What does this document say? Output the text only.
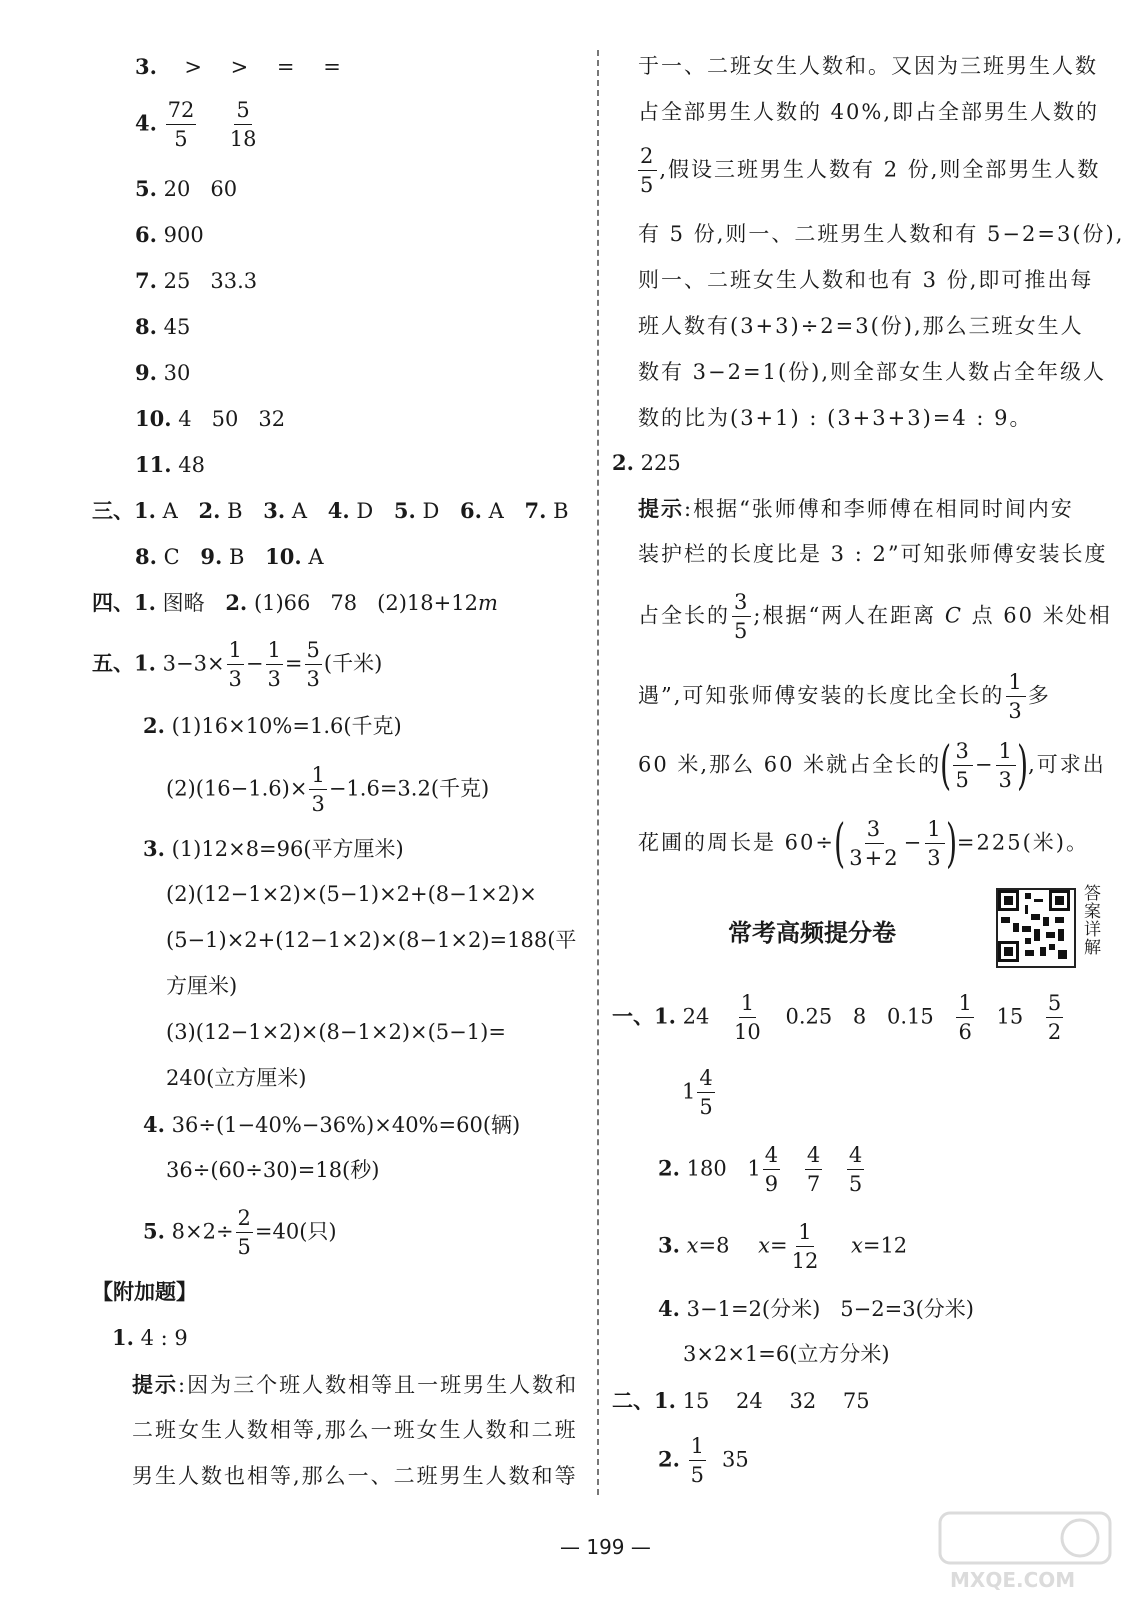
3. > > = =
4. $\frac{72}{5}$
$\frac{5}{18}$
5. 20   60
6. 900
7. 25   33.3
8. 45
9. 30
10. 4   50   32
11. 48
三、1. A 2. B 3. A 4. D 5. D 6. A 7. B
8. C 9. B 10. A
四、1. 图略 2. (1)66   78   (2)18+12m
五、1. $3-3\times \frac{1}{3} - \frac{1}{3} = \frac{5}{3}$ (千米)
2. (1)16×10%=1.6(千克)
$(2)(16-1.6)\times \frac{1}{3} -1.6=3.2$(千克)
3. (1)12×8=96(平方厘米)
(2)(12−1×2)×(5−1)×2+(8−1×2)×
(5−1)×2+(12−1×2)×(8−1×2)=188(平
方厘米)
(3)(12−1×2)×(8−1×2)×(5−1)=
240(立方厘米)
4. 36÷(1−40%−36%)×40%=60(辆)
36÷(60÷30)=18(秒)
5. $8\times 2\div \frac{2}{5} =40$(只)
【附加题】
1. 4 : 9
提示:因为三个班人数相等且一班男生人数和
二班女生人数相等,那么一班女生人数和二班
男生人数也相等,那么一、二班男生人数和等
于一、二班女生人数和。又因为三班男生人数
占全部男生人数的 40%,即占全部男生人数的
$\frac{2}{5}$ ,假设三班男生人数有 2 份,则全部男生人数
有 5 份,则一、二班男生人数和有 5−2=3(份),
则一、二班女生人数和也有 3 份,即可推出每
班人数有(3+3)÷2=3(份),那么三班女生人
数有 3−2=1(份),则全部女生人数占全年级人
数的比为(3+1) : (3+3+3)=4 : 9。
2. 225
提示:根据“张师傅和李师傅在相同时间内安
装护栏的长度比是 3 : 2”可知张师傅安装长度
占全长的 $\frac{3}{5}$ ;根据“两人在距离 C 点 60 米处相
遇”,可知张师傅安装的长度比全长的 $\frac{1}{3}$ 多
60 米,那么 60 米就占全长的( $\frac{3}{5} - \frac{1}{3}$ ),可求出
花圃的周长是 $60\div( \frac{3}{3+2} - \frac{1}{3} )=225$(米)。
一、1. $24 \frac{1}{10} 0.25$ 8 $0.15 \frac{1}{6} 15 \frac{5}{2}$
$1 \frac{4}{5}$
2. 180 $1 \frac{4}{9}$
$\frac{4}{7}$
$\frac{4}{5}$
3. x=8 $x= \frac{1}{12} x=12$
4. 3−1=2(分米)   5−2=3(分米)
3×2×1=6(立方分米)
二、1. 15    24    32    75
2. $\frac{1}{5} 35$
常考高频提分卷	答案详解
— 199 —
MXQE.COM
